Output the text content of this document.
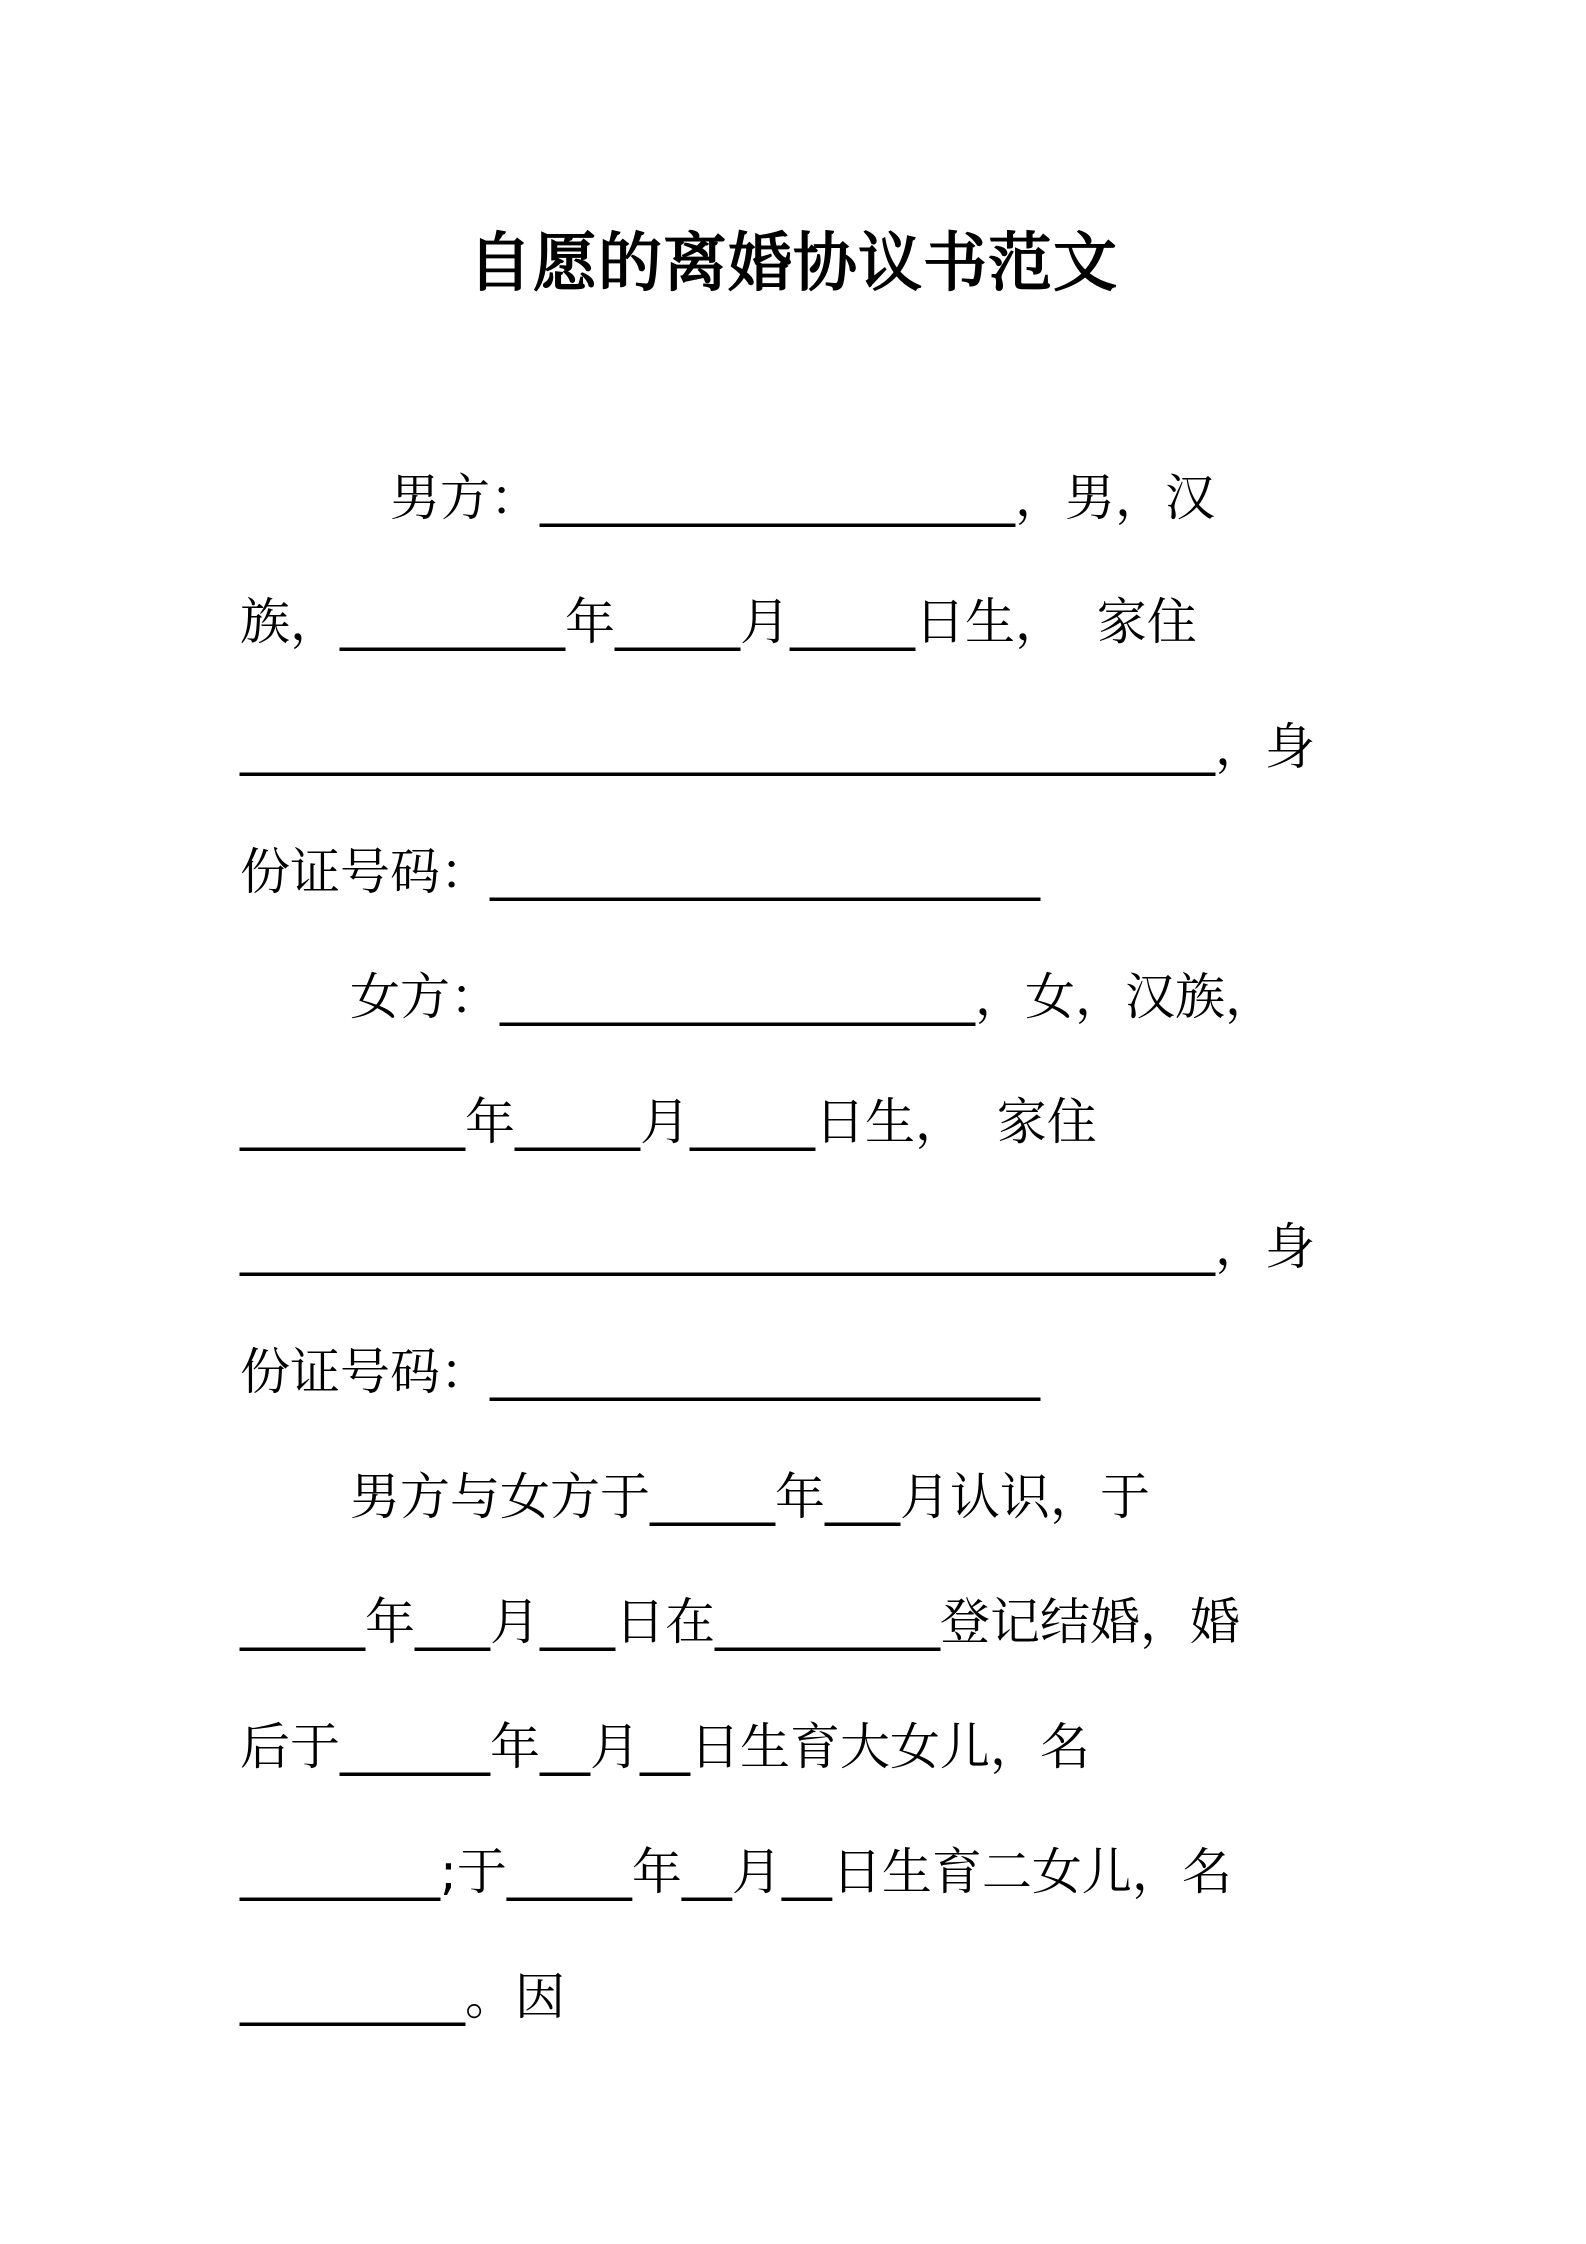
自愿的离婚协议书范文
男方：___________________，男，汉
族，_________年_____月_____日生，  家住
_______________________________________，身
份证号码：______________________
女方：___________________，女，汉族，
_________年_____月_____日生，  家住
_______________________________________，身
份证号码：______________________
男方与女方于_____年___月认识，于
_____年___月___日在_________登记结婚，婚
后于______年__月__日生育大女儿，名
________;于_____年__月__日生育二女儿，名
_________。因
